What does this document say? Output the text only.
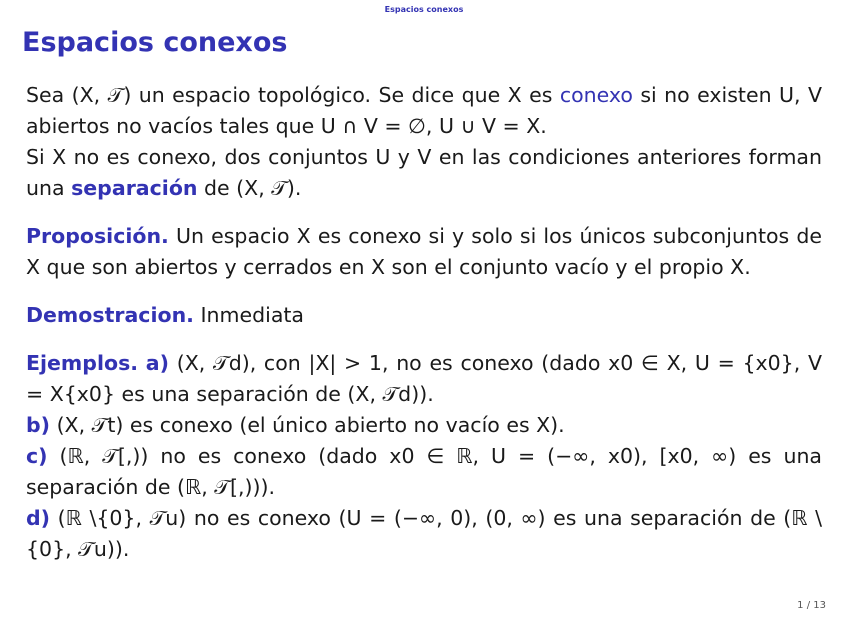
Espacios conexos
Espacios conexos
Sea (X, 𝒯) un espacio topológico. Se dice que X es conexo si no existen U, V abiertos no vacíos tales que U ∩ V = ∅, U ∪ V = X.
Si X no es conexo, dos conjuntos U y V en las condiciones anteriores forman una separación de (X, 𝒯).
Proposición. Un espacio X es conexo si y solo si los únicos subconjuntos de X que son abiertos y cerrados en X son el conjunto vacío y el propio X.
Demostracion. Inmediata
Ejemplos. a) (X, 𝒯d), con |X| > 1, no es conexo (dado x0 ∈ X, U = {x0}, V = X{x0} es una separación de (X, 𝒯d)).
b) (X, 𝒯t) es conexo (el único abierto no vacío es X).
c) (ℝ, 𝒯[,)) no es conexo (dado x0 ∈ ℝ, U = (−∞, x0), [x0, ∞) es una separación de (ℝ, 𝒯[,))).
d) (ℝ \{0}, 𝒯u) no es conexo (U = (−∞, 0), (0, ∞) es una separación de (ℝ \{0}, 𝒯u)).
1 / 13
